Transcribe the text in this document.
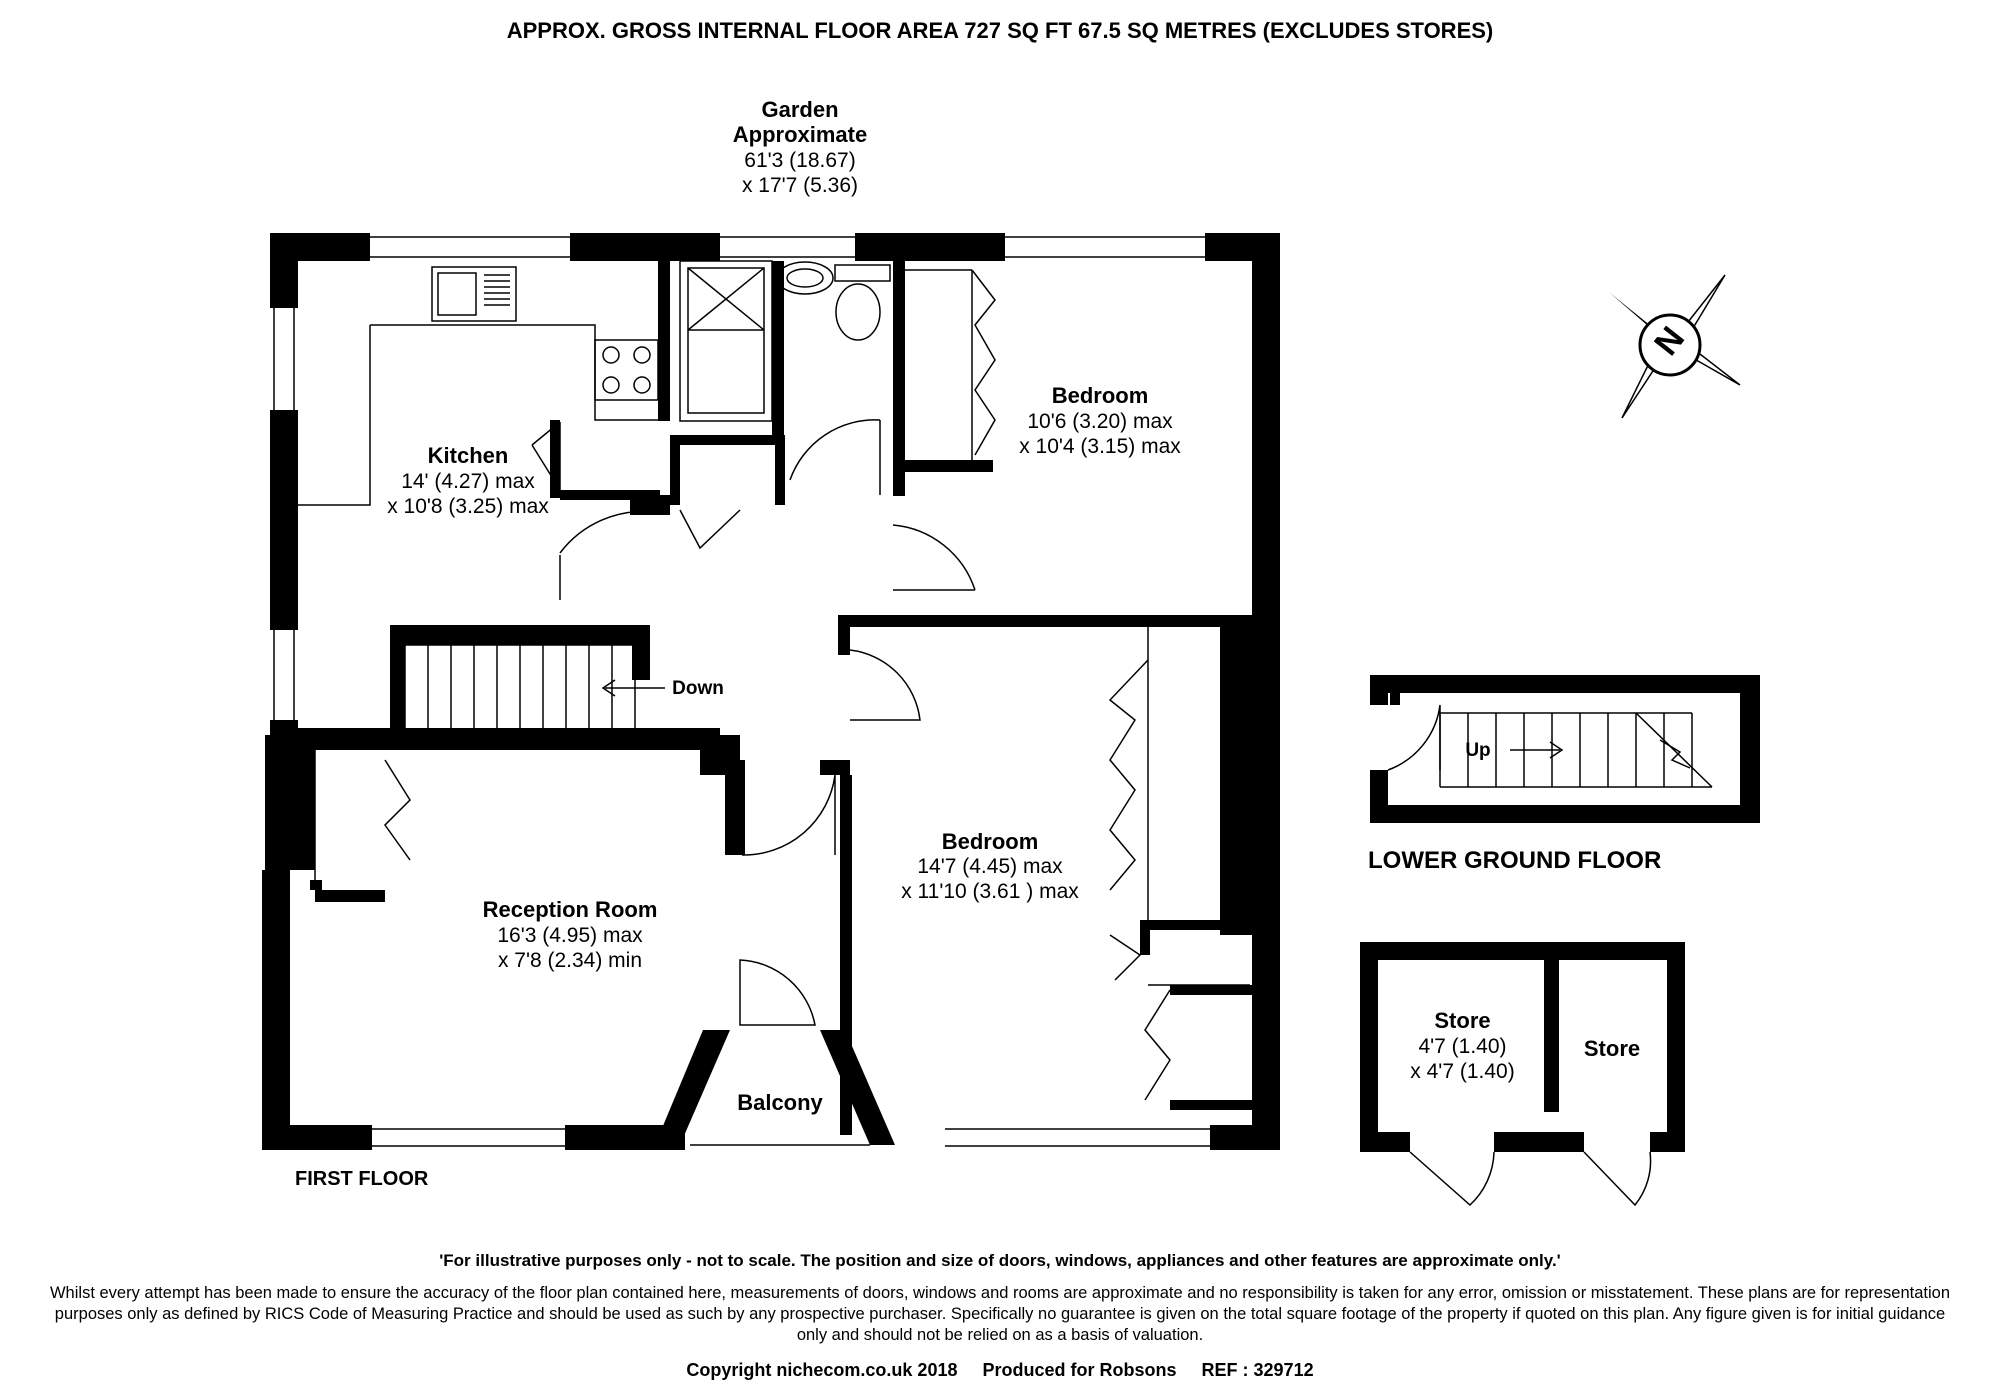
APPROX. GROSS INTERNAL FLOOR AREA 727 SQ FT 67.5 SQ METRES (EXCLUDES STORES)
N
Garden
Approximate
61'3 (18.67)
x 17'7 (5.36)
Kitchen
14' (4.27) max
x 10'8 (3.25) max
Bedroom
10'6 (3.20) max
x 10'4 (3.15) max
Bedroom
14'7 (4.45) max
x 11'10 (3.61 ) max
Reception Room
16'3 (4.95) max
x 7'8 (2.34) min
Balcony
Down
Up
FIRST FLOOR
LOWER GROUND FLOOR
Store
4'7 (1.40)
x 4'7 (1.40)
Store
'For illustrative purposes only - not to scale. The position and size of doors, windows, appliances and other features are approximate only.'
Whilst every attempt has been made to ensure the accuracy of the floor plan contained here, measurements of doors, windows and rooms are approximate and no responsibility is taken for any error, omission or misstatement. These plans are for representation purposes only as defined by RICS Code of Measuring Practice and should be used as such by any prospective purchaser. Specifically no guarantee is given on the total square footage of the property if quoted on this plan. Any figure given is for initial guidance only and should not be relied on as a basis of valuation.
Copyright nichecom.co.uk 2018 Produced for Robsons REF : 329712
